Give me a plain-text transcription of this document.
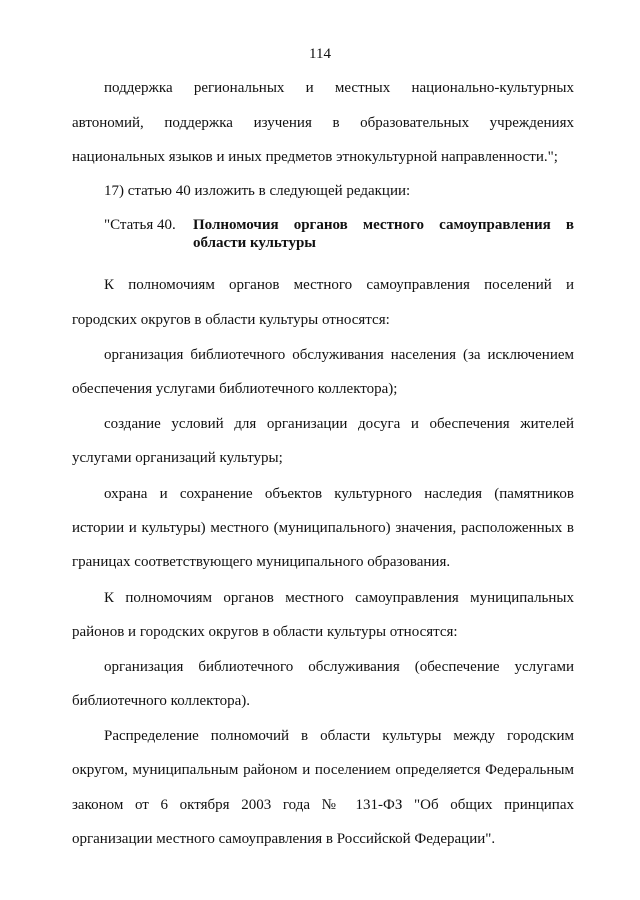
114
поддержка региональных и местных национально-культурных
автономий, поддержка изучения в образовательных учреждениях
национальных языков и иных предметов этнокультурной направленности.";
17) статью 40 изложить в следующей редакции:
"Статья 40. Полномочия органов местного самоуправления в
области культуры
К полномочиям органов местного самоуправления поселений и
городских округов в области культуры относятся:
организация библиотечного обслуживания населения (за исключением
обеспечения услугами библиотечного коллектора);
создание условий для организации досуга и обеспечения жителей
услугами организаций культуры;
охрана и сохранение объектов культурного наследия (памятников
истории и культуры) местного (муниципального) значения, расположенных в
границах соответствующего муниципального образования.
К полномочиям органов местного самоуправления муниципальных
районов и городских округов в области культуры относятся:
организация библиотечного обслуживания (обеспечение услугами
библиотечного коллектора).
Распределение полномочий в области культуры между городским
округом, муниципальным районом и поселением определяется Федеральным
законом от 6 октября 2003 года № 131-ФЗ "Об общих принципах
организации местного самоуправления в Российской Федерации".
